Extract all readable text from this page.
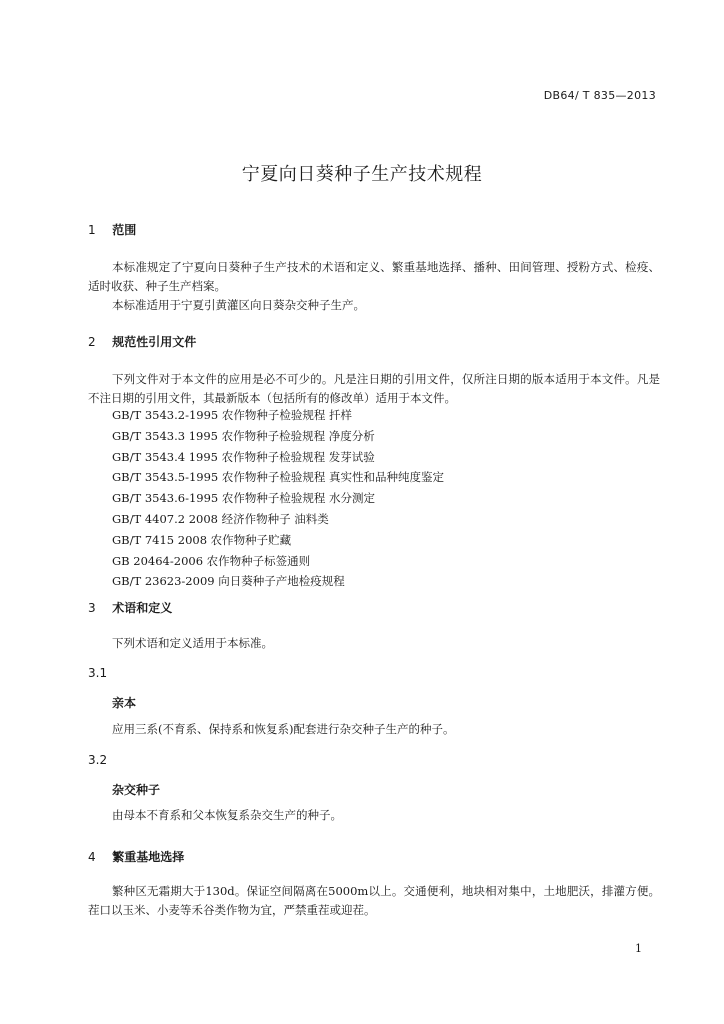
DB64/ T 835—2013
宁夏向日葵种子生产技术规程
1 范围
本标准规定了宁夏向日葵种子生产技术的术语和定义、繁重基地选择、播种、田间管理、授粉方式、检疫、适时收获、种子生产档案。
本标准适用于宁夏引黄灌区向日葵杂交种子生产。
2 规范性引用文件
下列文件对于本文件的应用是必不可少的。凡是注日期的引用文件，仅所注日期的版本适用于本文件。凡是不注日期的引用文件，其最新版本（包括所有的修改单）适用于本文件。
GB/T 3543.2-1995 农作物种子检验规程 扦样
GB/T 3543.3 1995 农作物种子检验规程 净度分析
GB/T 3543.4 1995 农作物种子检验规程 发芽试验
GB/T 3543.5-1995 农作物种子检验规程 真实性和品种纯度鉴定
GB/T 3543.6-1995 农作物种子检验规程 水分测定
GB/T 4407.2 2008 经济作物种子 油料类
GB/T 7415 2008 农作物种子贮藏
GB 20464-2006 农作物种子标签通则
GB/T 23623-2009 向日葵种子产地检疫规程
3 术语和定义
下列术语和定义适用于本标准。
3.1
亲本
应用三系(不育系、保持系和恢复系)配套进行杂交种子生产的种子。
3.2
杂交种子
由母本不育系和父本恢复系杂交生产的种子。
4 繁重基地选择
繁种区无霜期大于130d。保证空间隔离在5000m以上。交通便利，地块相对集中，土地肥沃，排灌方便。茬口以玉米、小麦等禾谷类作物为宜，严禁重茬或迎茬。
1
